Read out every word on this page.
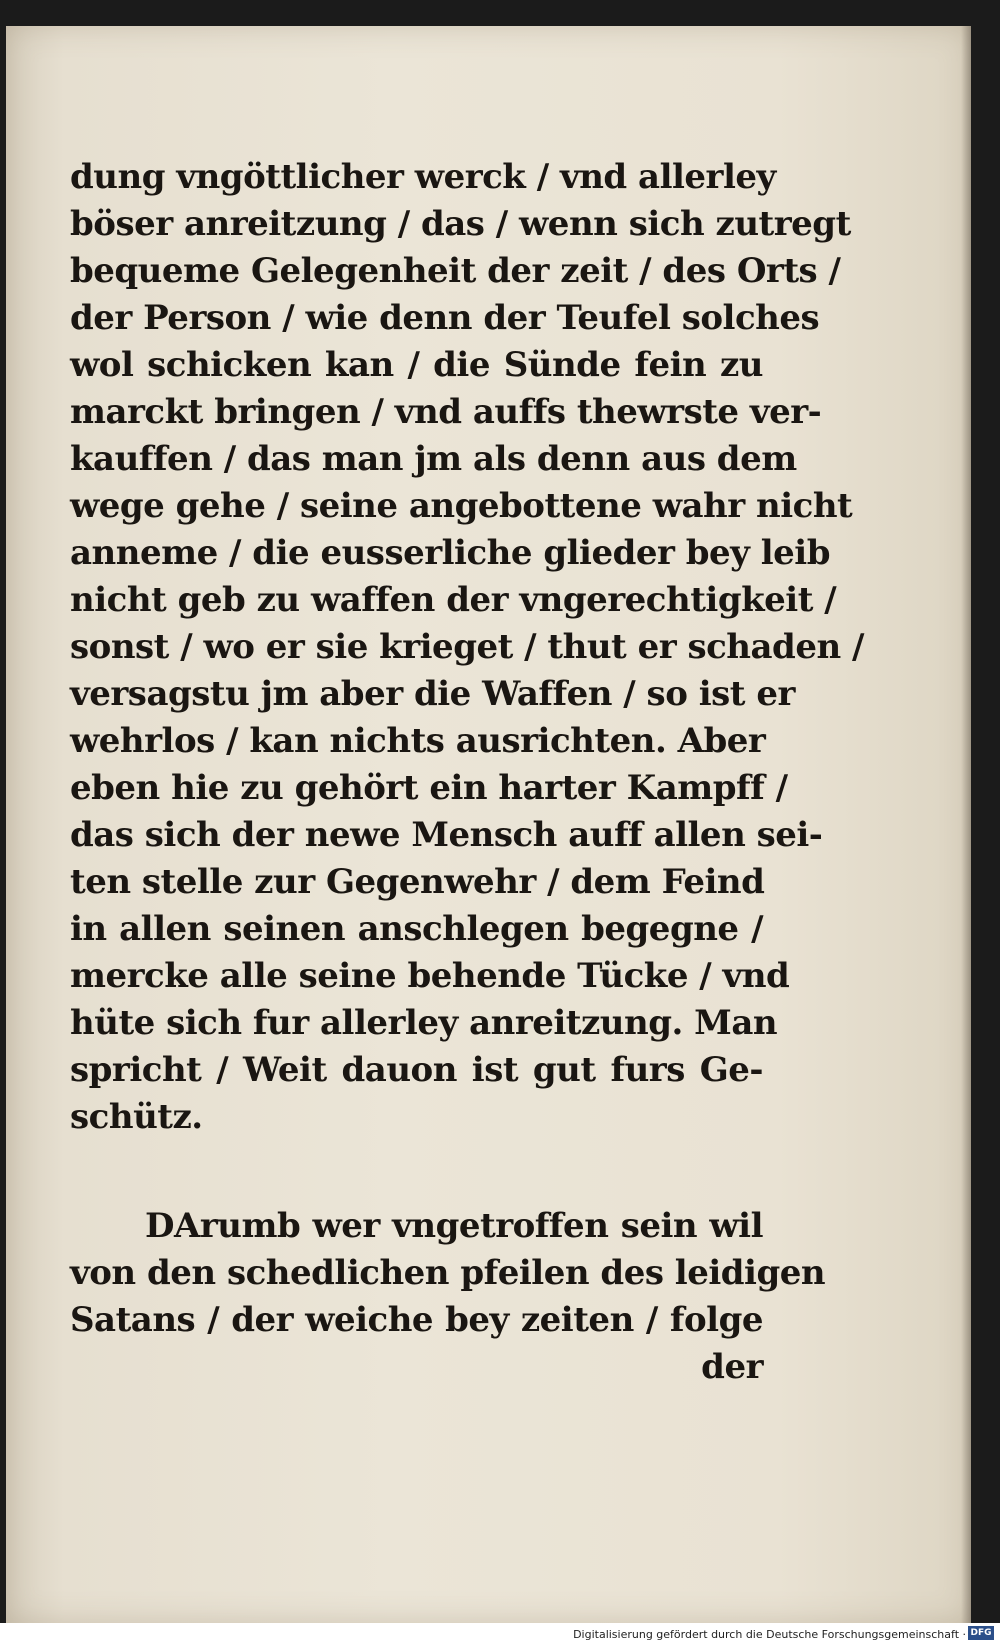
dung vngöttlicher werck / vnd allerley
böser anreitzung / das / wenn sich zutregt
bequeme Gelegenheit der zeit / des Orts /
der Person / wie denn der Teufel solches
wol schicken kan / die Sünde fein zu
marckt bringen / vnd auffs thewrste ver-
kauffen / das man jm als denn aus dem
wege gehe / seine angebottene wahr nicht
anneme / die eusserliche glieder bey leib
nicht geb zu waffen der vngerechtigkeit /
sonst / wo er sie krieget / thut er schaden /
versagstu jm aber die Waffen / so ist er
wehrlos / kan nichts ausrichten. Aber
eben hie zu gehört ein harter Kampff /
das sich der newe Mensch auff allen sei-
ten stelle zur Gegenwehr / dem Feind
in allen seinen anschlegen begegne /
mercke alle seine behende Tücke / vnd
hüte sich fur allerley anreitzung. Man
spricht / Weit dauon ist gut furs Ge-
schütz.
DArumb wer vngetroffen sein wil
von den schedlichen pfeilen des leidigen
Satans / der weiche bey zeiten / folge
der
Digitalisierung gefördert durch die Deutsche Forschungsgemeinschaft · DFG
